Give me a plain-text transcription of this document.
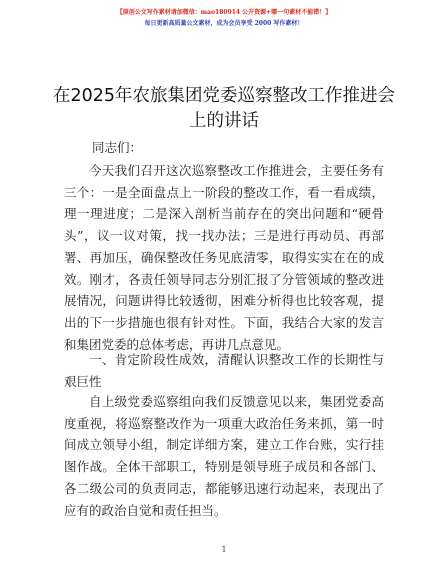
【原创公文写作素材请加微信：mao180914 公开资源+哪一句素材不能错！】
每日更新高质量公文素材，成为会员享受 2000 写作素材！
在2025年农旅集团党委巡察整改工作推进会上的讲话
同志们：

今天我们召开这次巡察整改工作推进会，主要任务有三个：一是全面盘点上一阶段的整改工作，看一看成绩，理一理进度；二是深入剖析当前存在的突出问题和“硬骨头”，议一议对策，找一找办法；三是进行再动员、再部署、再加压，确保整改任务见底清零，取得实实在在的成效。刚才，各责任领导同志分别汇报了分管领域的整改进展情况，问题讲得比较透彻，困难分析得也比较客观，提出的下一步措施也很有针对性。下面，我结合大家的发言和集团党委的总体考虑，再讲几点意见。

一、肯定阶段性成效，清醒认识整改工作的长期性与艰巨性

自上级党委巡察组向我们反馈意见以来，集团党委高度重视，将巡察整改作为一项重大政治任务来抓，第一时间成立领导小组，制定详细方案，建立工作台账，实行挂图作战。全体干部职工，特别是领导班子成员和各部门、各二级公司的负责同志，都能够迅速行动起来，表现出了应有的政治自觉和责任担当。

1
